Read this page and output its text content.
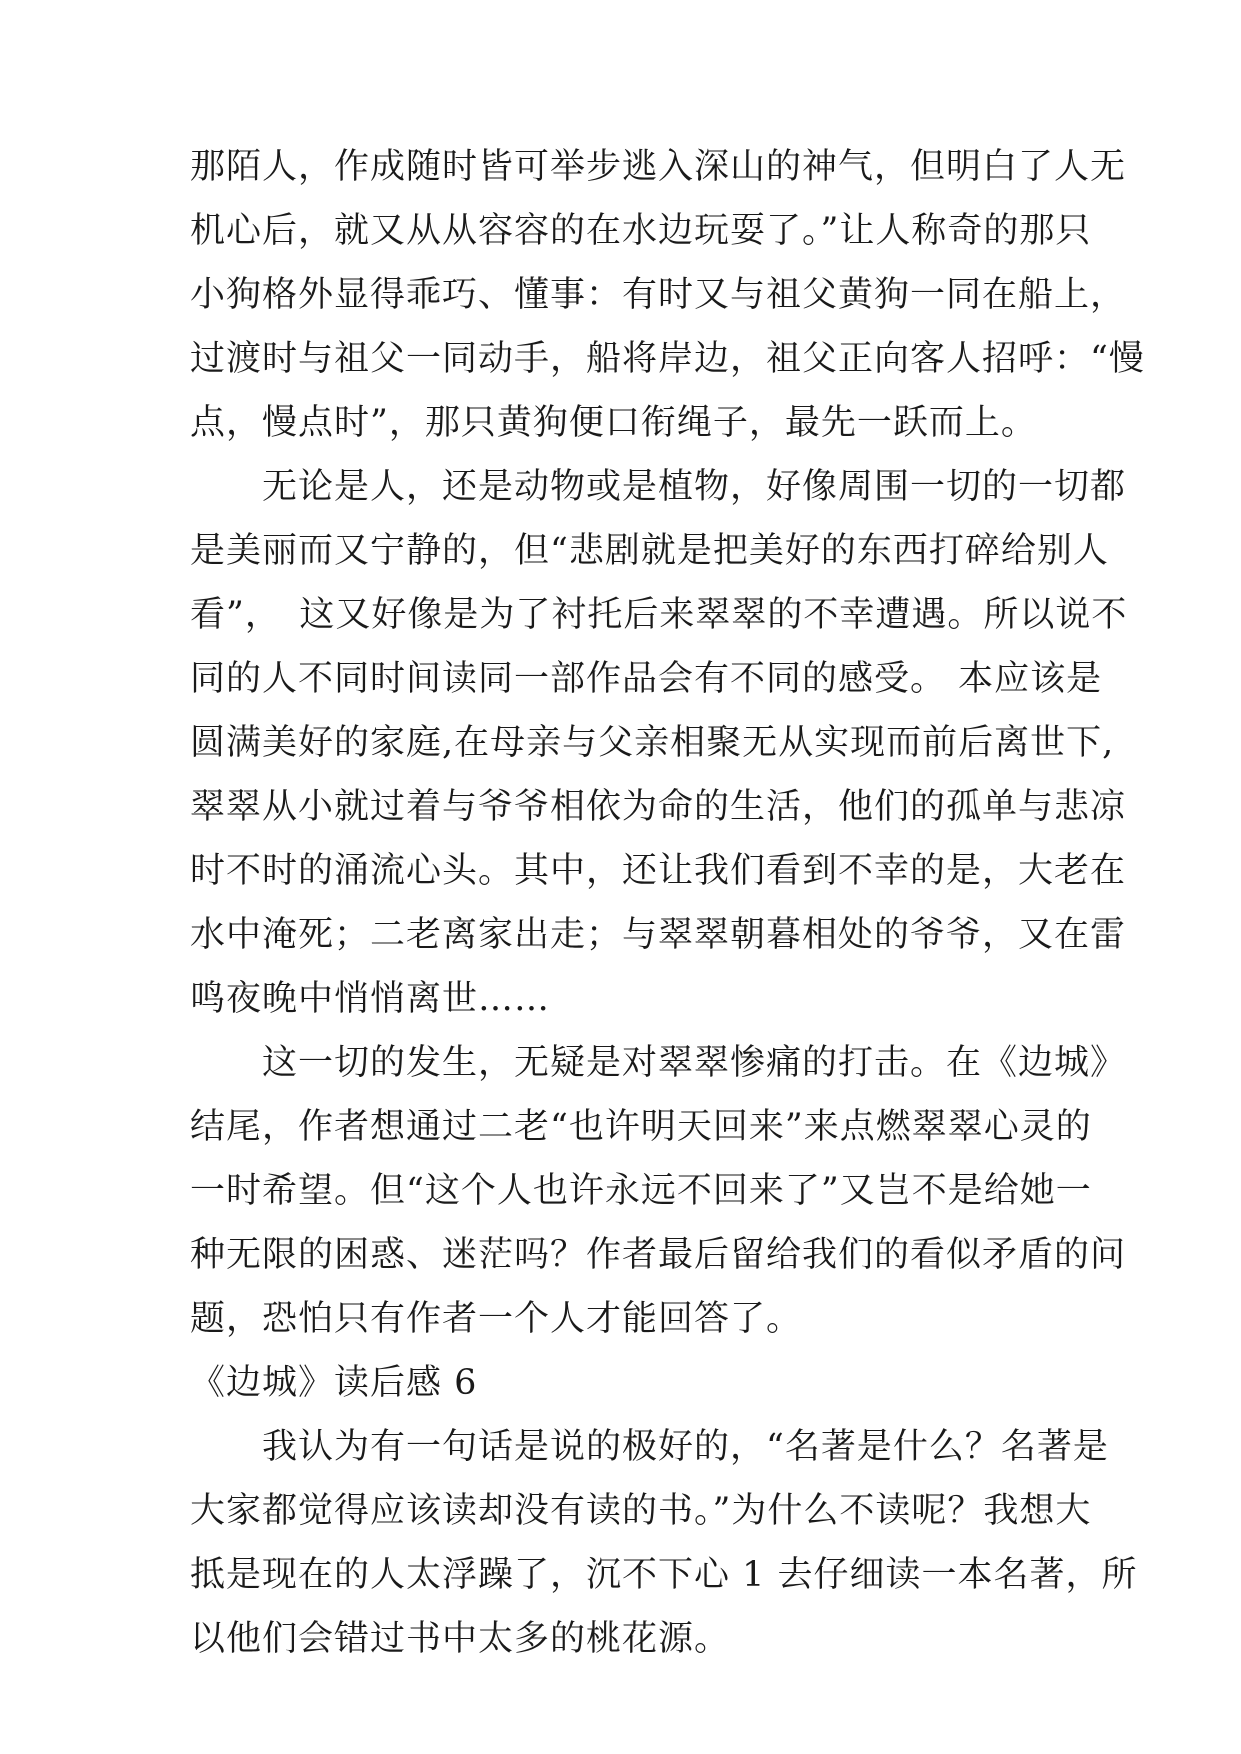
那陌人，作成随时皆可举步逃入深山的神气，但明白了人无
机心后，就又从从容容的在水边玩耍了。”让人称奇的那只
小狗格外显得乖巧、懂事：有时又与祖父黄狗一同在船上，
过渡时与祖父一同动手，船将岸边，祖父正向客人招呼：“慢
点，慢点时”，那只黄狗便口衔绳子，最先一跃而上。
　　无论是人，还是动物或是植物，好像周围一切的一切都
是美丽而又宁静的，但“悲剧就是把美好的东西打碎给别人
看”，　这又好像是为了衬托后来翠翠的不幸遭遇。所以说不
同的人不同时间读同一部作品会有不同的感受。 本应该是
圆满美好的家庭,在母亲与父亲相聚无从实现而前后离世下,
翠翠从小就过着与爷爷相依为命的生活，他们的孤单与悲凉
时不时的涌流心头。其中，还让我们看到不幸的是，大老在
水中淹死；二老离家出走；与翠翠朝暮相处的爷爷，又在雷
鸣夜晚中悄悄离世……
　　这一切的发生，无疑是对翠翠惨痛的打击。在《边城》
结尾，作者想通过二老“也许明天回来”来点燃翠翠心灵的
一时希望。但“这个人也许永远不回来了”又岂不是给她一
种无限的困惑、迷茫吗？作者最后留给我们的看似矛盾的问
题，恐怕只有作者一个人才能回答了。
《边城》读后感 6
　　我认为有一句话是说的极好的，“名著是什么？名著是
大家都觉得应该读却没有读的书。”为什么不读呢？我想大
抵是现在的人太浮躁了，沉不下心 1 去仔细读一本名著，所
以他们会错过书中太多的桃花源。
